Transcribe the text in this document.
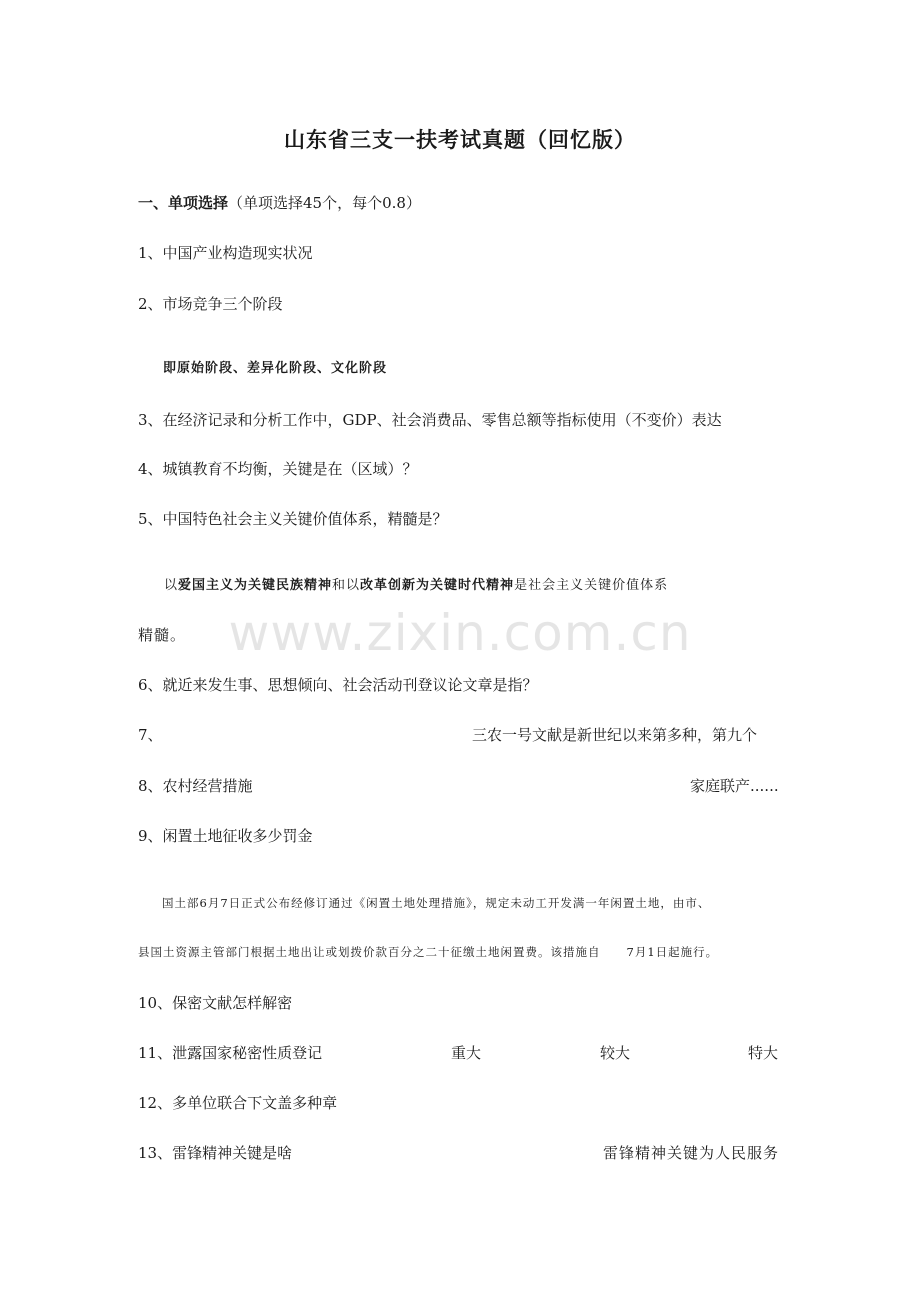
www.zixin.com.cn
山东省三支一扶考试真题（回忆版）
一、单项选择（单项选择45个，每个0.8）
1、中国产业构造现实状况
2、市场竞争三个阶段
即原始阶段、差异化阶段、文化阶段
3、在经济记录和分析工作中，GDP、社会消费品、零售总额等指标使用（不变价）表达
4、城镇教育不均衡，关键是在（区域）？
5、中国特色社会主义关键价值体系，精髓是？
以爱国主义为关键民族精神和以改革创新为关键时代精神是社会主义关键价值体系
精髓。
6、就近来发生事、思想倾向、社会活动刊登议论文章是指？
7、	三农一号文献是新世纪以来第多种，第九个
8、农村经营措施	家庭联产......
9、闲置土地征收多少罚金
国土部6月7日正式公布经修订通过《闲置土地处理措施》，规定未动工开发满一年闲置土地，由市、
县国土资源主管部门根据土地出让或划拨价款百分之二十征缴土地闲置费。该措施自 7月1日起施行。
10、保密文献怎样解密
11、泄露国家秘密性质登记	重大	较大	特大
12、多单位联合下文盖多种章
13、雷锋精神关键是啥	雷锋精神关键为人民服务
